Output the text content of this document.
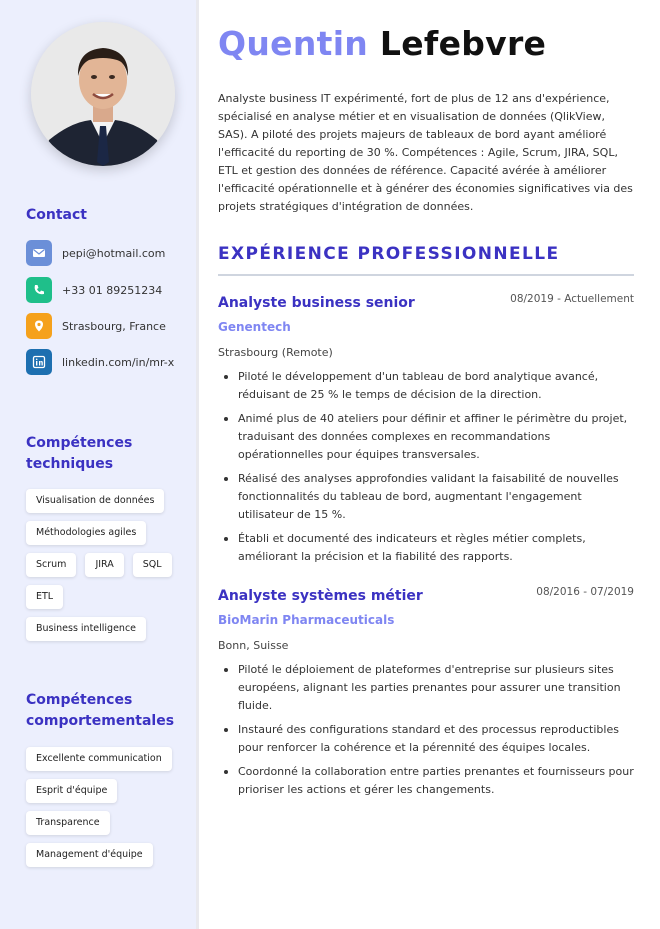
Contact
pepi@hotmail.com
+33 01 89251234
Strasbourg, France
linkedin.com/in/mr-x
Compétences
techniques
Visualisation de données
Méthodologies agiles
Scrum	JIRA	SQL
ETL
Business intelligence
Compétences
comportementales
Excellente communication
Esprit d'équipe
Transparence
Management d'équipe
Quentin Lefebvre
Analyste business IT expérimenté, fort de plus de 12 ans d'expérience, spécialisé en analyse métier et en visualisation de données (QlikView, SAS). A piloté des projets majeurs de tableaux de bord ayant amélioré l'efficacité du reporting de 30 %. Compétences : Agile, Scrum, JIRA, SQL, ETL et gestion des données de référence. Capacité avérée à améliorer l'efficacité opérationnelle et à générer des économies significatives via des projets stratégiques d'intégration de données.
EXPÉRIENCE PROFESSIONNELLE
Analyste business senior	08/2019 - Actuellement
Genentech
Strasbourg (Remote)
Piloté le développement d'un tableau de bord analytique avancé, réduisant de 25 % le temps de décision de la direction.
Animé plus de 40 ateliers pour définir et affiner le périmètre du projet, traduisant des données complexes en recommandations opérationnelles pour équipes transversales.
Réalisé des analyses approfondies validant la faisabilité de nouvelles fonctionnalités du tableau de bord, augmentant l'engagement utilisateur de 15 %.
Établi et documenté des indicateurs et règles métier complets, améliorant la précision et la fiabilité des rapports.
Analyste systèmes métier	08/2016 - 07/2019
BioMarin Pharmaceuticals
Bonn, Suisse
Piloté le déploiement de plateformes d'entreprise sur plusieurs sites européens, alignant les parties prenantes pour assurer une transition fluide.
Instauré des configurations standard et des processus reproductibles pour renforcer la cohérence et la pérennité des équipes locales.
Coordonné la collaboration entre parties prenantes et fournisseurs pour prioriser les actions et gérer les changements.
